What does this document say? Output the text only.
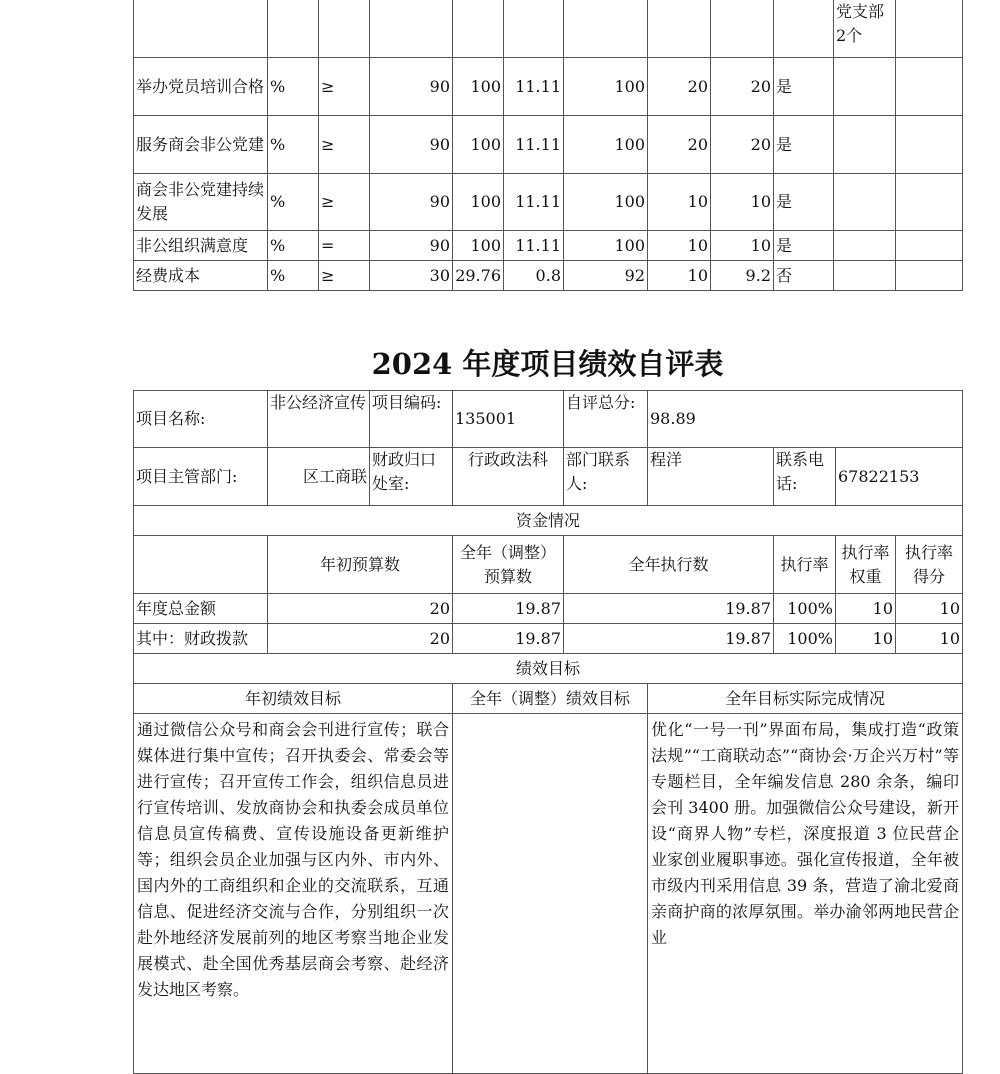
										党支部2个	
举办党员培训合格	%	≥	90	100	11.11	100	20	20	是		
服务商会非公党建	%	≥	90	100	11.11	100	20	20	是		
商会非公党建持续发展	%	≥	90	100	11.11	100	10	10	是		
非公组织满意度	%	=	90	100	11.11	100	10	10	是		
经费成本	%	≥	30	29.76	0.8	92	10	9.2	否		
2024 年度项目绩效自评表
项目名称:	非公经济宣传	项目编码:	135001	自评总分:	98.89			
项目主管部门:	区工商联	财政归口处室:	行政政法科	部门联系人:	程洋	联系电话:	67822153	
资金情况								
	年初预算数		全年（调整）预算数	全年执行数		执行率	执行率权重	执行率得分
年度总金额	20		19.87	19.87		100%	10	10
其中：财政拨款	20		19.87	19.87		100%	10	10
绩效目标								
年初绩效目标			全年（调整）绩效目标		全年目标实际完成情况			
通过微信公众号和商会会刊进行宣传；联合媒体进行集中宣传；召开执委会、常委会等进行宣传；召开宣传工作会，组织信息员进行宣传培训、发放商协会和执委会成员单位信息员宣传稿费、宣传设施设备更新维护等；组织会员企业加强与区内外、市内外、国内外的工商组织和企业的交流联系，互通信息、促进经济交流与合作，分别组织一次赴外地经济发展前列的地区考察当地企业发展模式、赴全国优秀基层商会考察、赴经济发达地区考察。					优化“一号一刊”界面布局，集成打造“政策法规”“工商联动态”“商协会·万企兴万村”等专题栏目，全年编发信息 280 余条，编印会刊 3400 册。加强微信公众号建设，新开设“商界人物”专栏，深度报道 3 位民营企业家创业履职事迹。强化宣传报道，全年被市级内刊采用信息 39 条，营造了渝北爱商亲商护商的浓厚氛围。举办渝邻两地民营企业			
